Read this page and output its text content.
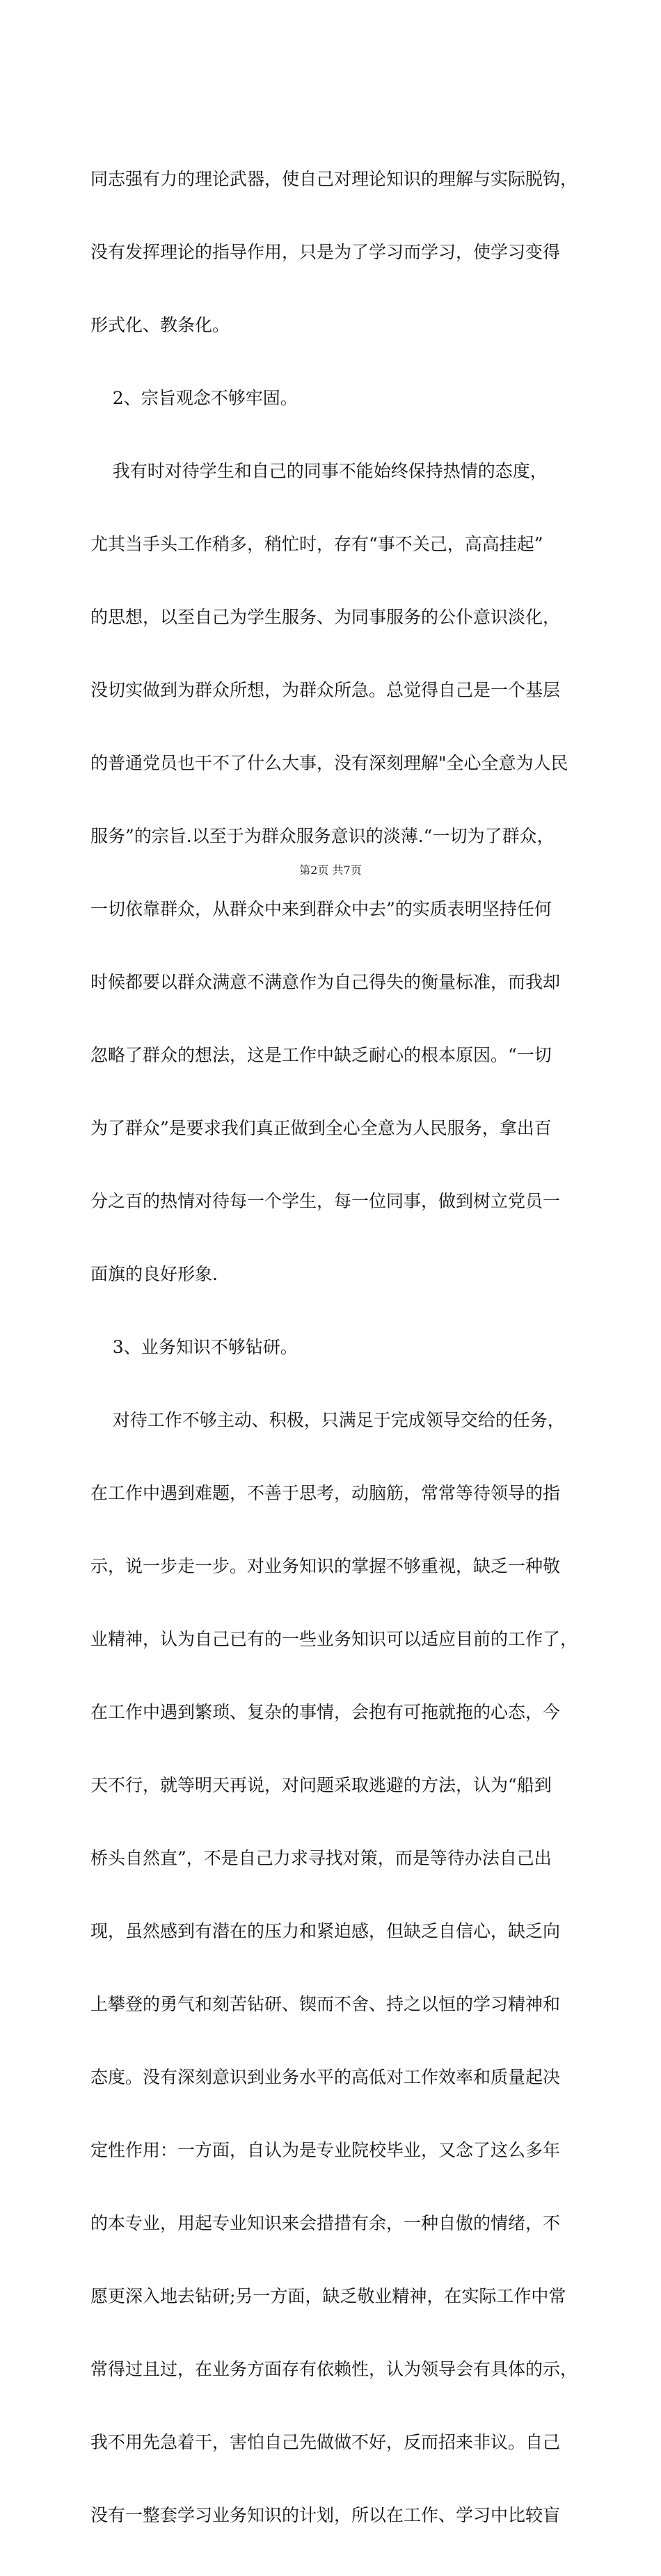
同志强有力的理论武器，使自己对理论知识的理解与实际脱钩，

没有发挥理论的指导作用，只是为了学习而学习，使学习变得

形式化、教条化。

2、宗旨观念不够牢固。

我有时对待学生和自己的同事不能始终保持热情的态度，

尤其当手头工作稍多，稍忙时，存有“事不关己，高高挂起”

的思想，以至自己为学生服务、为同事服务的公仆意识淡化，

没切实做到为群众所想，为群众所急。总觉得自己是一个基层

的普通党员也干不了什么大事，没有深刻理解"全心全意为人民

服务”的宗旨.以至于为群众服务意识的淡薄.“一切为了群众，

一切依靠群众，从群众中来到群众中去”的实质表明坚持任何

时候都要以群众满意不满意作为自己得失的衡量标准，而我却

忽略了群众的想法，这是工作中缺乏耐心的根本原因。“一切

为了群众”是要求我们真正做到全心全意为人民服务，拿出百

分之百的热情对待每一个学生，每一位同事，做到树立党员一

面旗的良好形象.

3、业务知识不够钻研。

对待工作不够主动、积极，只满足于完成领导交给的任务，

在工作中遇到难题，不善于思考，动脑筋，常常等待领导的指

示，说一步走一步。对业务知识的掌握不够重视，缺乏一种敬

业精神，认为自己已有的一些业务知识可以适应目前的工作了，

在工作中遇到繁琐、复杂的事情，会抱有可拖就拖的心态，今

天不行，就等明天再说，对问题采取逃避的方法，认为“船到

桥头自然直”，不是自己力求寻找对策，而是等待办法自己出

现，虽然感到有潜在的压力和紧迫感，但缺乏自信心，缺乏向

上攀登的勇气和刻苦钻研、锲而不舍、持之以恒的学习精神和

态度。没有深刻意识到业务水平的高低对工作效率和质量起决

定性作用：一方面，自认为是专业院校毕业，又念了这么多年

的本专业，用起专业知识来会措措有余，一种自傲的情绪，不

愿更深入地去钻研;另一方面，缺乏敬业精神，在实际工作中常

常得过且过，在业务方面存有依赖性，认为领导会有具体的示，

我不用先急着干，害怕自己先做做不好，反而招来非议。自己

没有一整套学习业务知识的计划，所以在工作、学习中比较盲

第2页 共7页
